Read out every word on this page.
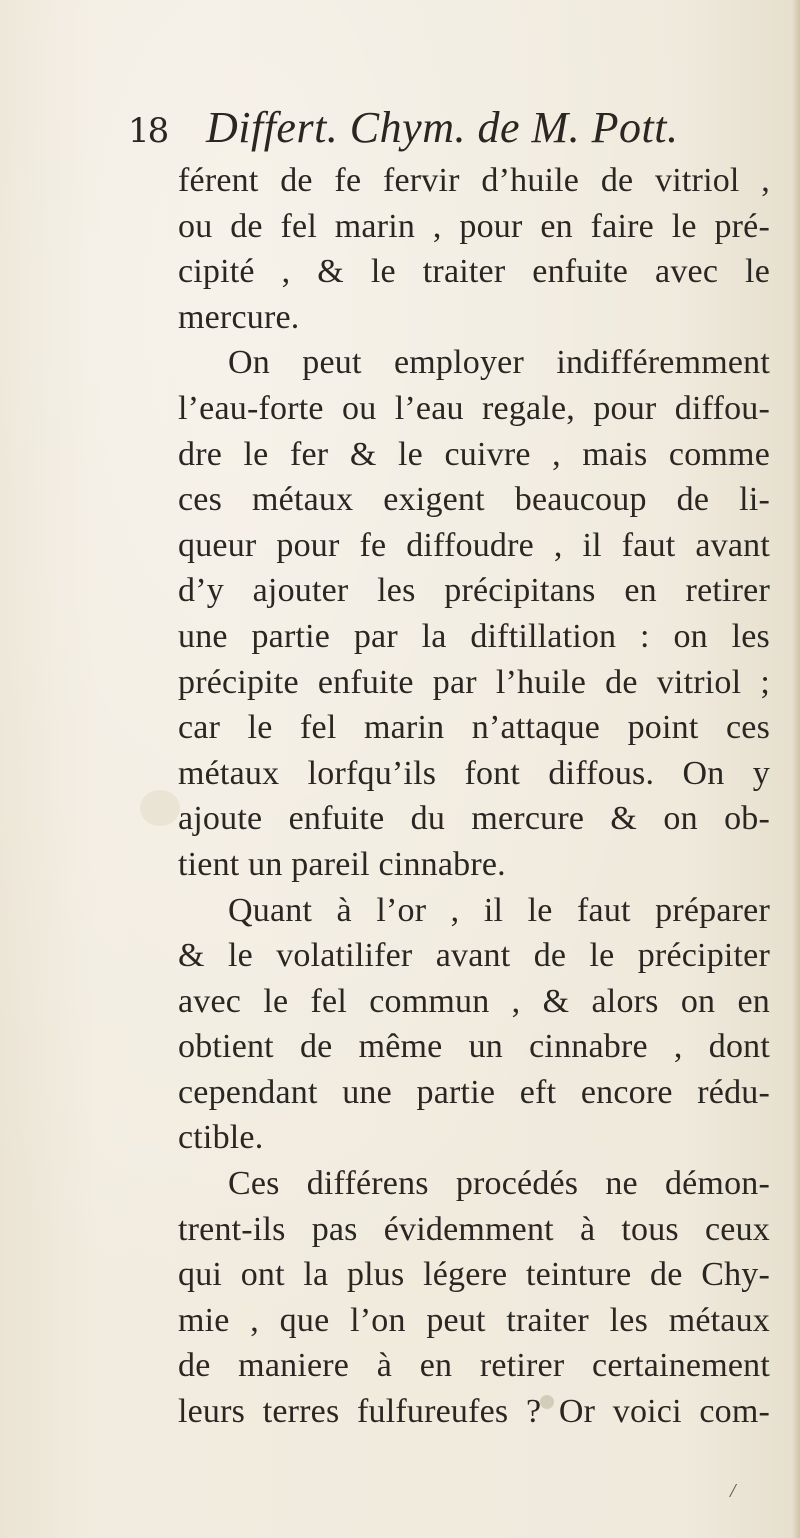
18 Differt. Chym. de M. Pott.
férent de fe fervir d’huile de vitriol ,
ou de fel marin , pour en faire le pré-
cipité , & le traiter enfuite avec le
mercure.
On peut employer indifféremment
l’eau-forte ou l’eau regale, pour diffou-
dre le fer & le cuivre , mais comme
ces métaux exigent beaucoup de li-
queur pour fe diffoudre , il faut avant
d’y ajouter les précipitans en retirer
une partie par la diftillation : on les
précipite enfuite par l’huile de vitriol ;
car le fel marin n’attaque point ces
métaux lorfqu’ils font diffous. On y
ajoute enfuite du mercure & on ob-
tient un pareil cinnabre.
Quant à l’or , il le faut préparer
& le volatilifer avant de le précipiter
avec le fel commun , & alors on en
obtient de même un cinnabre , dont
cependant une partie eft encore rédu-
ctible.
Ces différens procédés ne démon-
trent-ils pas évidemment à tous ceux
qui ont la plus légere teinture de Chy-
mie , que l’on peut traiter les métaux
de maniere à en retirer certainement
leurs terres fulfureufes ? Or voici com-
/
